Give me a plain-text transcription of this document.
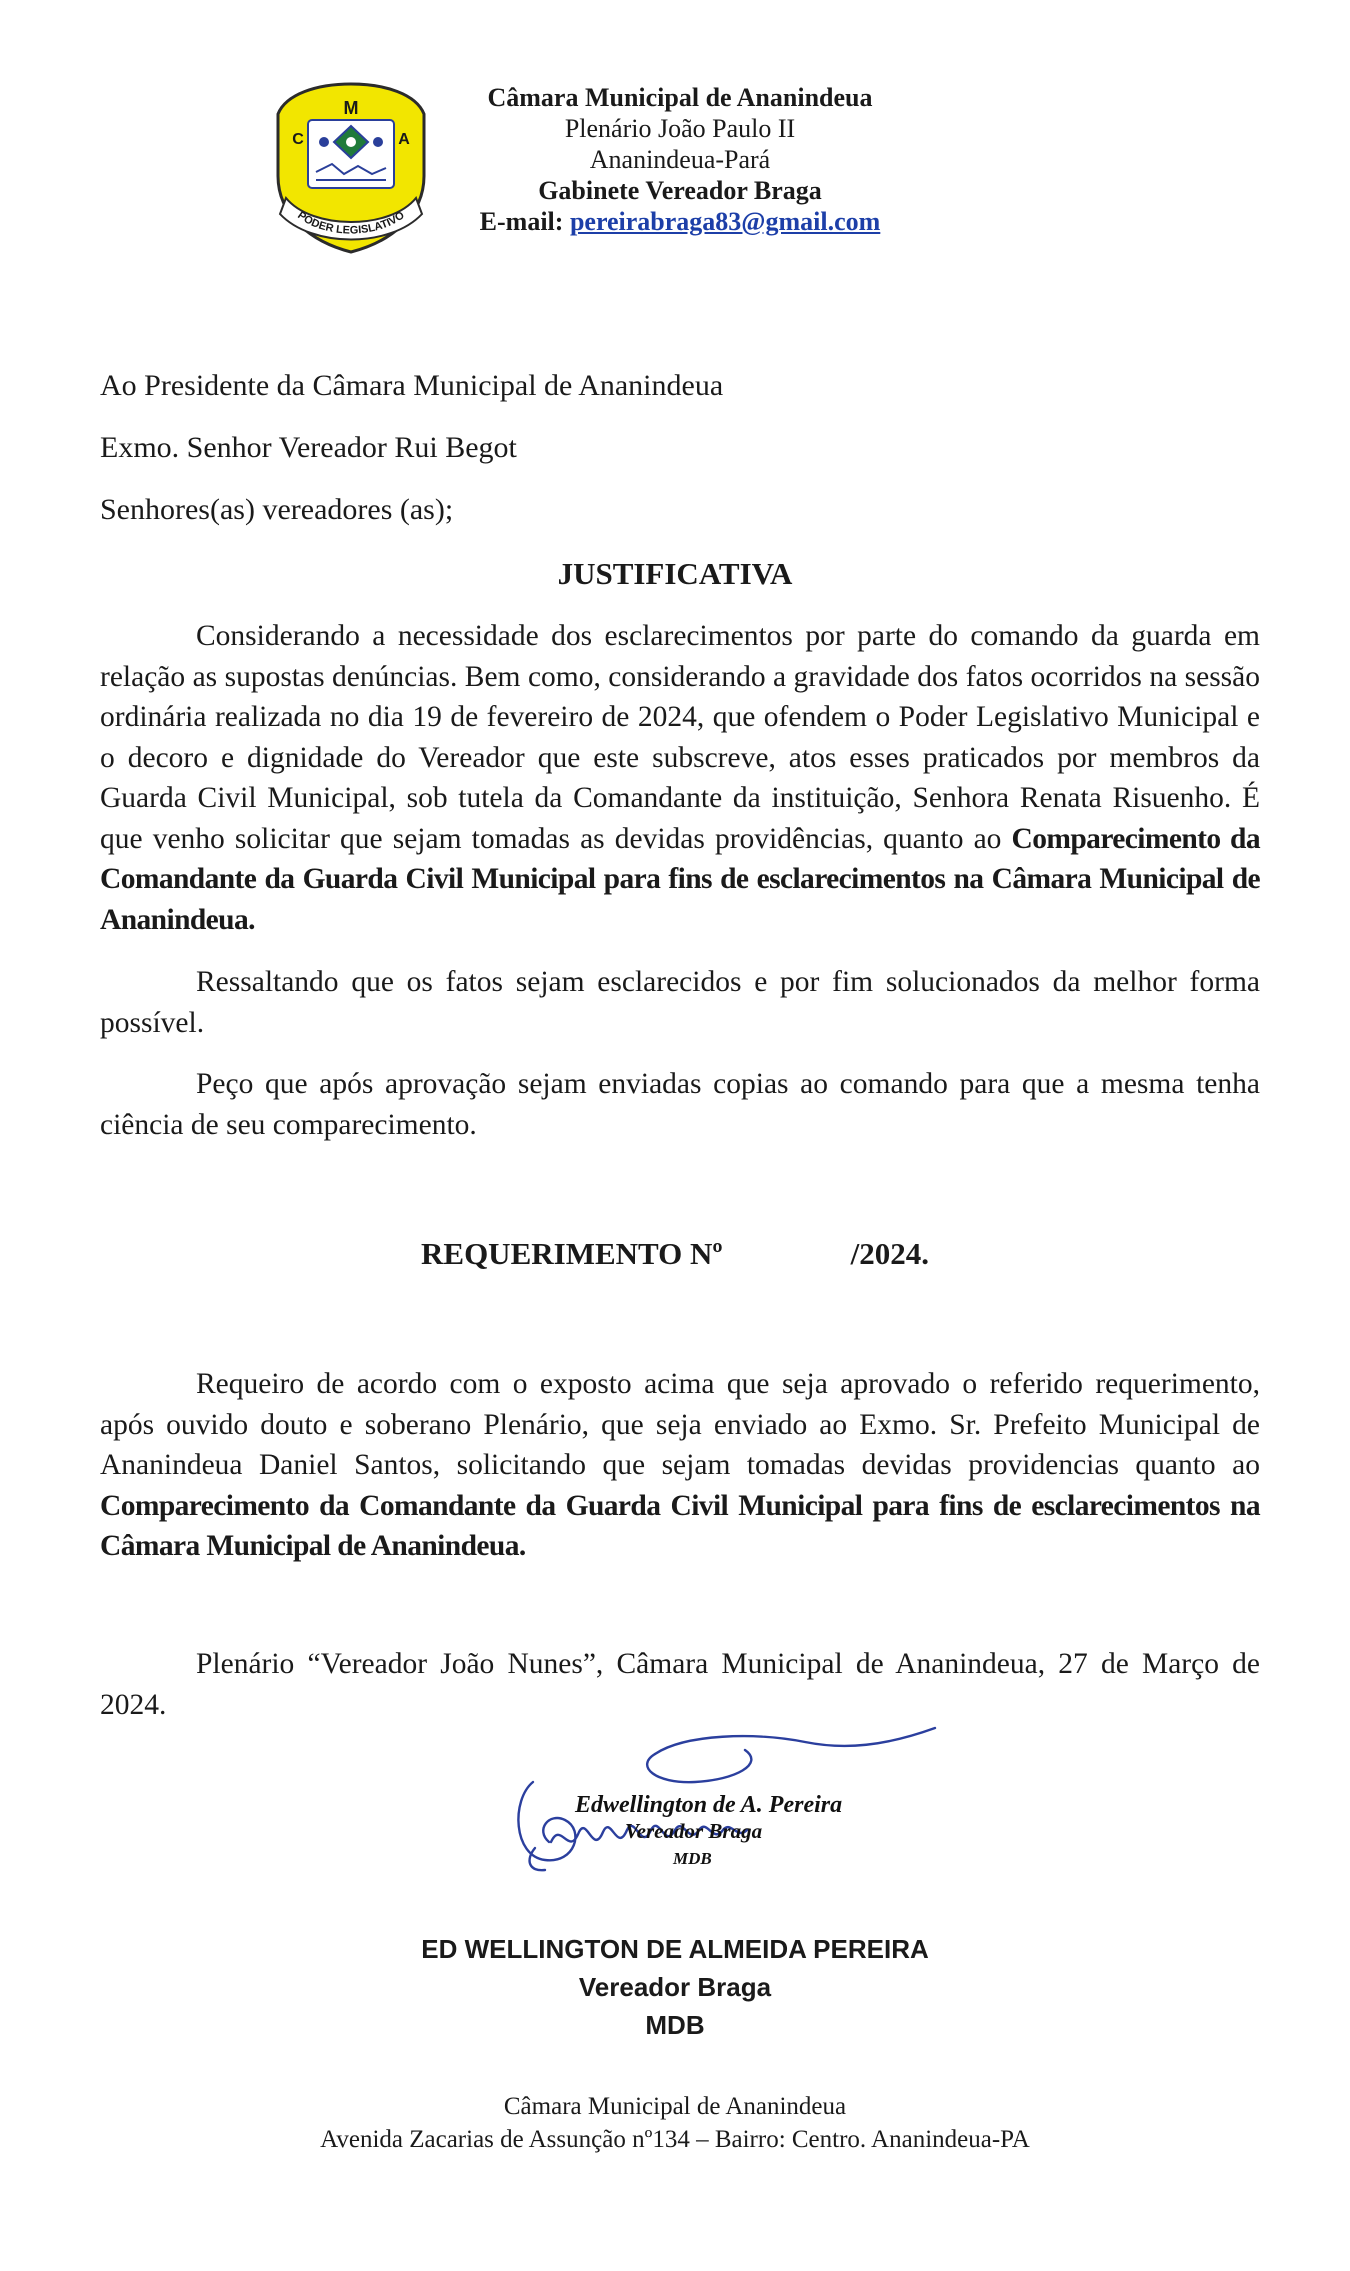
M
C	A
PODER LEGISLATIVO
Câmara Municipal de Ananindeua
Plenário João Paulo II
Ananindeua-Pará
Gabinete Vereador Braga
E-mail: pereirabraga83@gmail.com
Ao Presidente da Câmara Municipal de Ananindeua
Exmo. Senhor Vereador Rui Begot
Senhores(as) vereadores (as);
JUSTIFICATIVA
Considerando a necessidade dos esclarecimentos por parte do comando da guarda em relação as supostas denúncias. Bem como, considerando a gravidade dos fatos ocorridos na sessão ordinária realizada no dia 19 de fevereiro de 2024, que ofendem o Poder Legislativo Municipal e o decoro e dignidade do Vereador que este subscreve, atos esses praticados por membros da Guarda Civil Municipal, sob tutela da Comandante da instituição, Senhora Renata Risuenho. É que venho solicitar que sejam tomadas as devidas providências, quanto ao Comparecimento da Comandante da Guarda Civil Municipal para fins de esclarecimentos na Câmara Municipal de Ananindeua.
Ressaltando que os fatos sejam esclarecidos e por fim solucionados da melhor forma possível.
Peço que após aprovação sejam enviadas copias ao comando para que a mesma tenha ciência de seu comparecimento.
REQUERIMENTO Nº	/2024.
Requeiro de acordo com o exposto acima que seja aprovado o referido requerimento, após ouvido douto e soberano Plenário, que seja enviado ao Exmo. Sr. Prefeito Municipal de Ananindeua Daniel Santos, solicitando que sejam tomadas devidas providencias quanto ao Comparecimento da Comandante da Guarda Civil Municipal para fins de esclarecimentos na Câmara Municipal de Ananindeua.
Plenário “Vereador João Nunes”, Câmara Municipal de Ananindeua, 27 de Março de 2024.
Edwellington de A. Pereira
Vereador Braga
MDB
ED WELLINGTON DE ALMEIDA PEREIRA
Vereador Braga
MDB
Câmara Municipal de Ananindeua
Avenida Zacarias de Assunção nº134 – Bairro: Centro. Ananindeua-PA
